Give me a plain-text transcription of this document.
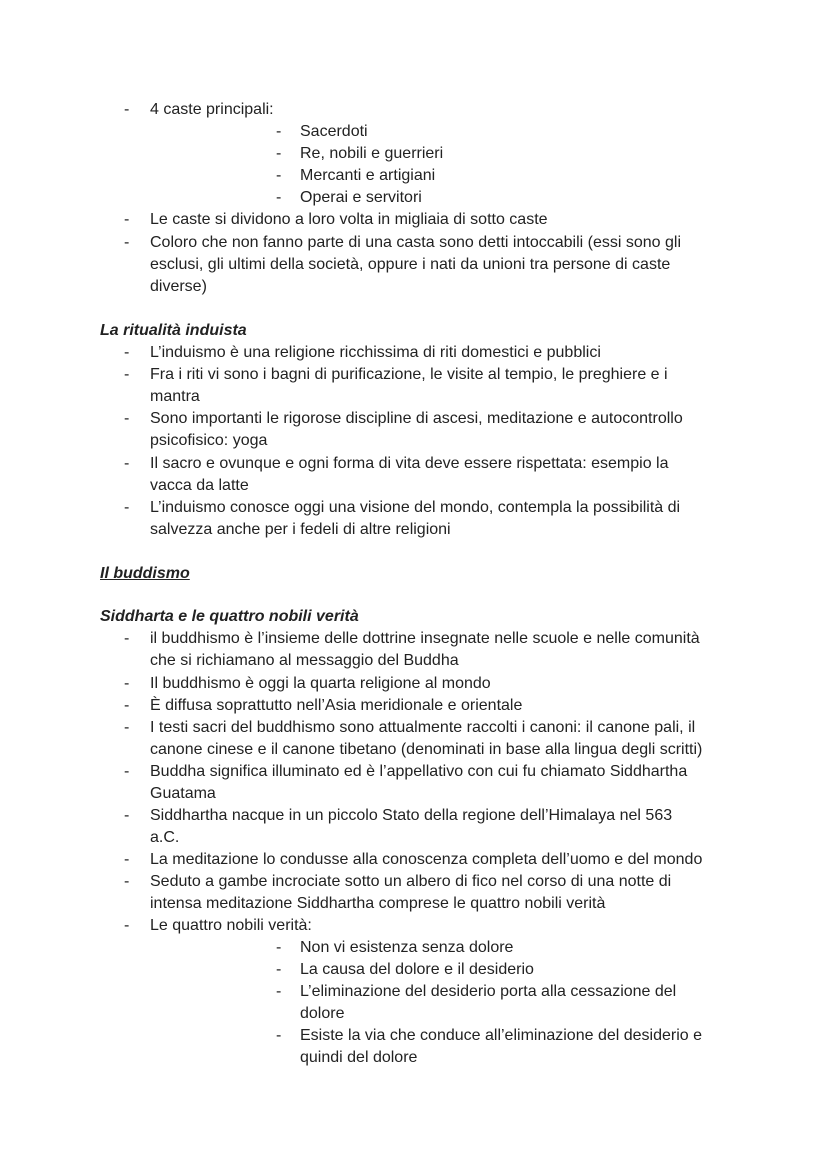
- 4 caste principali:
- Sacerdoti
- Re, nobili e guerrieri
- Mercanti e artigiani
- Operai e servitori
- Le caste si dividono a loro volta in migliaia di sotto caste
- Coloro che non fanno parte di una casta sono detti intoccabili (essi sono gli
esclusi, gli ultimi della società, oppure i nati da unioni tra persone di caste
diverse)
La ritualità induista
- L’induismo è una religione ricchissima di riti domestici e pubblici
- Fra i riti vi sono i bagni di purificazione, le visite al tempio, le preghiere e i
mantra
- Sono importanti le rigorose discipline di ascesi, meditazione e autocontrollo
psicofisico: yoga
- Il sacro e ovunque e ogni forma di vita deve essere rispettata: esempio la
vacca da latte
- L’induismo conosce oggi una visione del mondo, contempla la possibilità di
salvezza anche per i fedeli di altre religioni
Il buddismo
Siddharta e le quattro nobili verità
- il buddhismo è l’insieme delle dottrine insegnate nelle scuole e nelle comunità
che si richiamano al messaggio del Buddha
- Il buddhismo è oggi la quarta religione al mondo
- È diffusa soprattutto nell’Asia meridionale e orientale
- I testi sacri del buddhismo sono attualmente raccolti i canoni: il canone pali, il
canone cinese e il canone tibetano (denominati in base alla lingua degli scritti)
- Buddha significa illuminato ed è l’appellativo con cui fu chiamato Siddhartha
Guatama
- Siddhartha nacque in un piccolo Stato della regione dell’Himalaya nel 563
a.C.
- La meditazione lo condusse alla conoscenza completa dell’uomo e del mondo
- Seduto a gambe incrociate sotto un albero di fico nel corso di una notte di
intensa meditazione Siddhartha comprese le quattro nobili verità
- Le quattro nobili verità:
- Non vi esistenza senza dolore
- La causa del dolore e il desiderio
- L’eliminazione del desiderio porta alla cessazione del
dolore
- Esiste la via che conduce all’eliminazione del desiderio e
quindi del dolore
